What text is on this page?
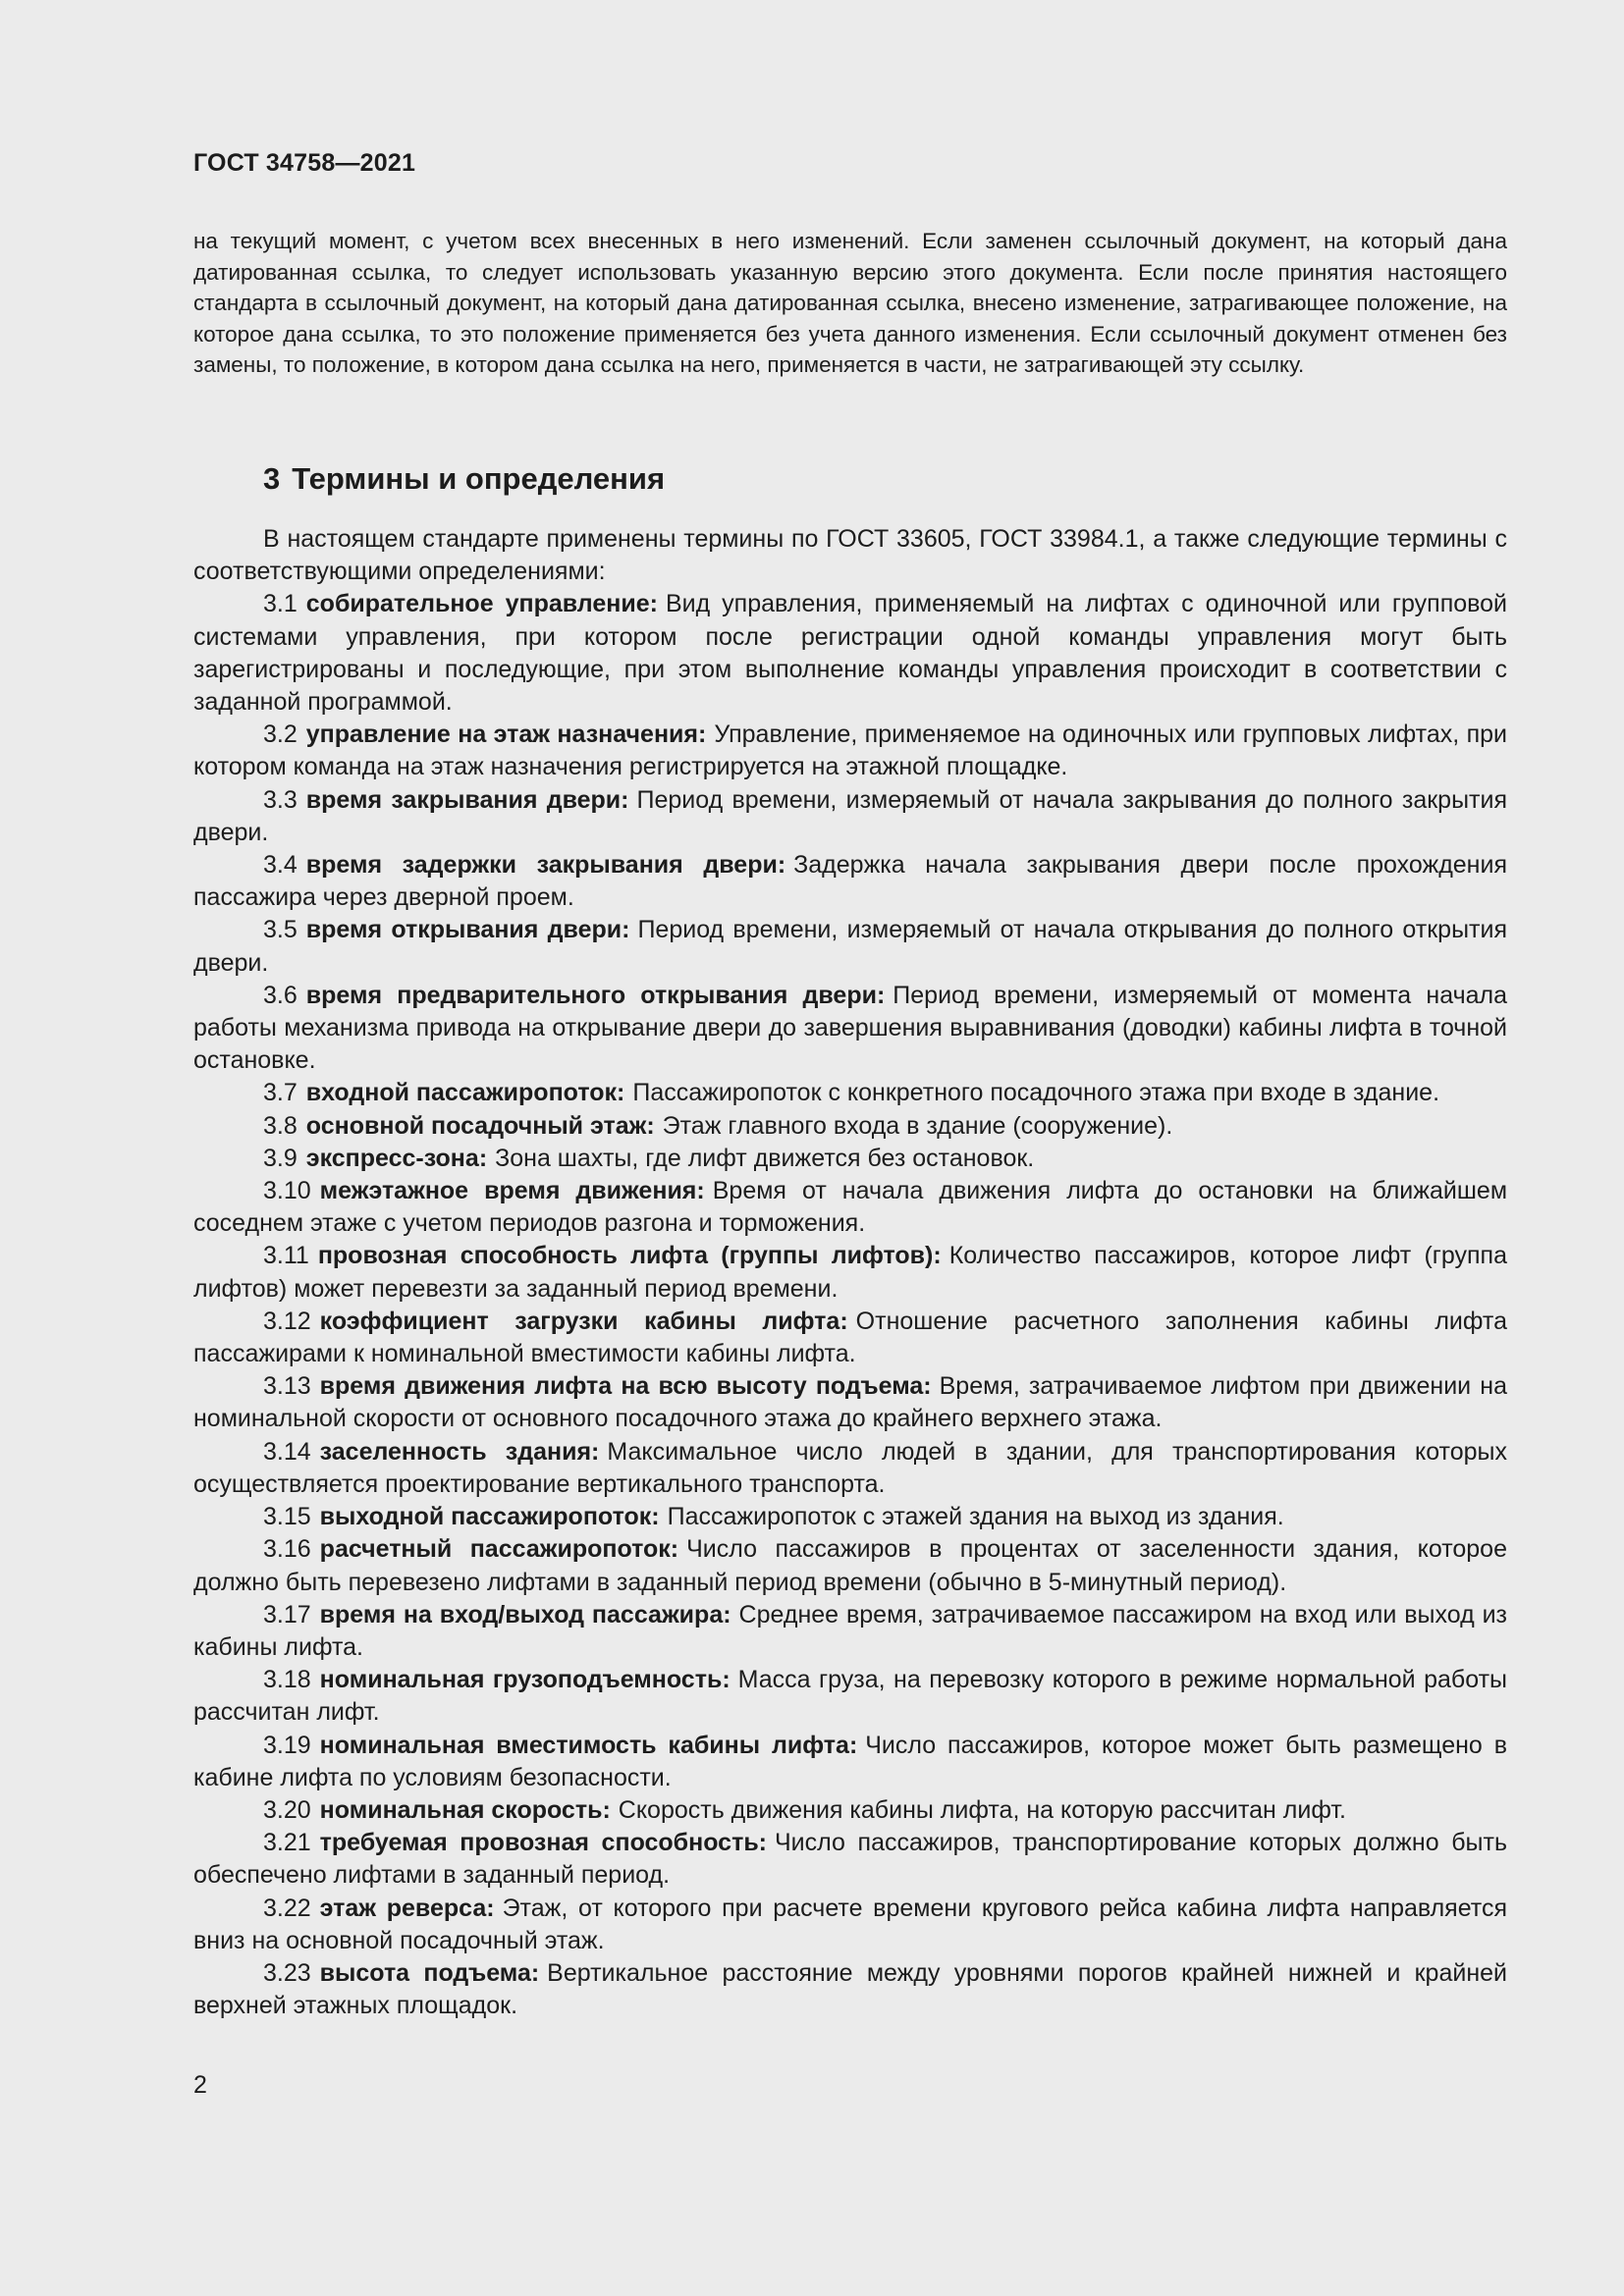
ГОСТ 34758—2021
на текущий момент, с учетом всех внесенных в него изменений. Если заменен ссылочный документ, на который дана датированная ссылка, то следует использовать указанную версию этого документа. Если после принятия настоящего стандарта в ссылочный документ, на который дана датированная ссылка, внесено изменение, затрагивающее положение, на которое дана ссылка, то это положение применяется без учета данного изменения. Если ссылочный документ отменен без замены, то положение, в котором дана ссылка на него, применяется в части, не затрагивающей эту ссылку.
3 Термины и определения

В настоящем стандарте применены термины по ГОСТ 33605, ГОСТ 33984.1, а также следующие термины с соответствующими определениями:

3.1 собирательное управление: Вид управления, применяемый на лифтах с одиночной или групповой системами управления, при котором после регистрации одной команды управления могут быть зарегистрированы и последующие, при этом выполнение команды управления происходит в соответствии с заданной программой.

3.2 управление на этаж назначения: Управление, применяемое на одиночных или групповых лифтах, при котором команда на этаж назначения регистрируется на этажной площадке.

3.3 время закрывания двери: Период времени, измеряемый от начала закрывания до полного закрытия двери.

3.4 время задержки закрывания двери: Задержка начала закрывания двери после прохождения пассажира через дверной проем.

3.5 время открывания двери: Период времени, измеряемый от начала открывания до полного открытия двери.

3.6 время предварительного открывания двери: Период времени, измеряемый от момента начала работы механизма привода на открывание двери до завершения выравнивания (доводки) кабины лифта в точной остановке.

3.7 входной пассажиропоток: Пассажиропоток с конкретного посадочного этажа при входе в здание.

3.8 основной посадочный этаж: Этаж главного входа в здание (сооружение).

3.9 экспресс-зона: Зона шахты, где лифт движется без остановок.

3.10 межэтажное время движения: Время от начала движения лифта до остановки на ближайшем соседнем этаже с учетом периодов разгона и торможения.

3.11 провозная способность лифта (группы лифтов): Количество пассажиров, которое лифт (группа лифтов) может перевезти за заданный период времени.

3.12 коэффициент загрузки кабины лифта: Отношение расчетного заполнения кабины лифта пассажирами к номинальной вместимости кабины лифта.

3.13 время движения лифта на всю высоту подъема: Время, затрачиваемое лифтом при движении на номинальной скорости от основного посадочного этажа до крайнего верхнего этажа.

3.14 заселенность здания: Максимальное число людей в здании, для транспортирования которых осуществляется проектирование вертикального транспорта.

3.15 выходной пассажиропоток: Пассажиропоток с этажей здания на выход из здания.

3.16 расчетный пассажиропоток: Число пассажиров в процентах от заселенности здания, которое должно быть перевезено лифтами в заданный период времени (обычно в 5-минутный период).

3.17 время на вход/выход пассажира: Среднее время, затрачиваемое пассажиром на вход или выход из кабины лифта.

3.18 номинальная грузоподъемность: Масса груза, на перевозку которого в режиме нормальной работы рассчитан лифт.

3.19 номинальная вместимость кабины лифта: Число пассажиров, которое может быть размещено в кабине лифта по условиям безопасности.

3.20 номинальная скорость: Скорость движения кабины лифта, на которую рассчитан лифт.

3.21 требуемая провозная способность: Число пассажиров, транспортирование которых должно быть обеспечено лифтами в заданный период.

3.22 этаж реверса: Этаж, от которого при расчете времени кругового рейса кабина лифта направляется вниз на основной посадочный этаж.

3.23 высота подъема: Вертикальное расстояние между уровнями порогов крайней нижней и крайней верхней этажных площадок.

2
